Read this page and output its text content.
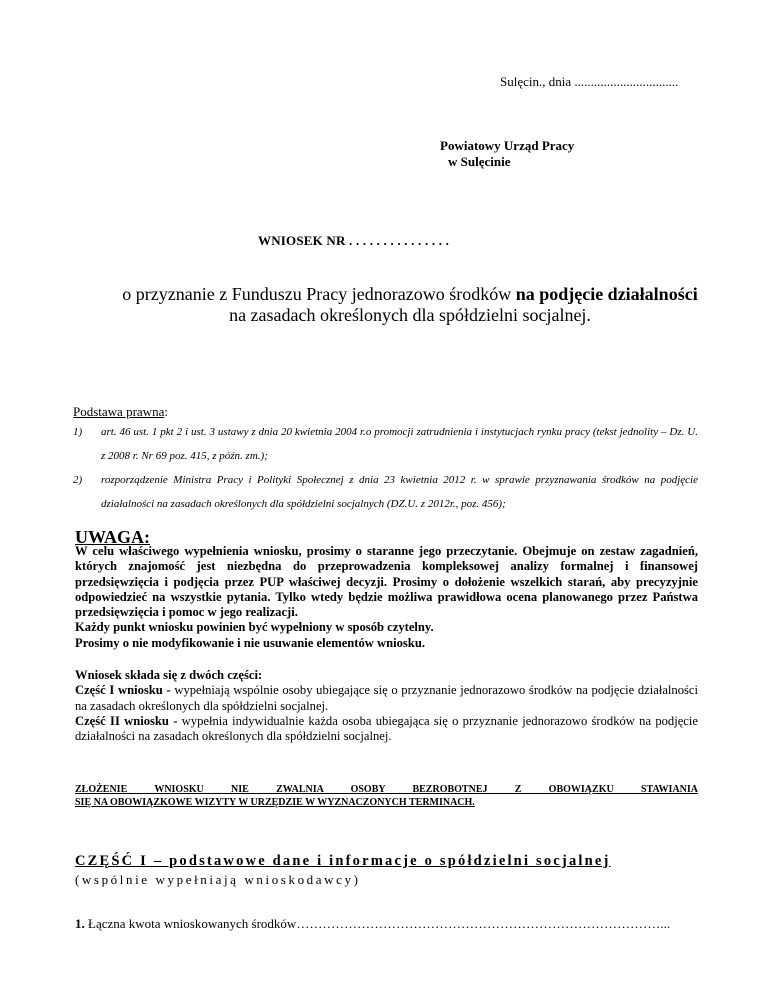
Sulęcin., dnia ................................
Powiatowy Urząd Pracy
w Sulęcinie
WNIOSEK NR . . . . . . . . . . . . . . .
o przyznanie z Funduszu Pracy jednorazowo środków na podjęcie działalności
na zasadach określonych dla spółdzielni socjalnej.
Podstawa prawna:
1) art. 46 ust. 1 pkt 2 i ust. 3 ustawy z dnia 20 kwietnia 2004 r.o promocji zatrudnienia i instytucjach rynku pracy (tekst jednolity – Dz. U. z 2008 r. Nr 69 poz. 415, z późn. zm.);
2) rozporządzenie Ministra Pracy i Polityki Społecznej z dnia 23 kwietnia 2012 r. w sprawie przyznawania środków na podjęcie działalności na zasadach określonych dla spółdzielni socjalnych (DZ.U. z 2012r., poz. 456);
UWAGA:
W celu właściwego wypełnienia wniosku, prosimy o staranne jego przeczytanie. Obejmuje on zestaw zagadnień, których znajomość jest niezbędna do przeprowadzenia kompleksowej analizy formalnej i finansowej przedsięwzięcia i podjęcia przez PUP właściwej decyzji. Prosimy o dołożenie wszelkich starań, aby precyzyjnie odpowiedzieć na wszystkie pytania. Tylko wtedy będzie możliwa prawidłowa ocena planowanego przez Państwa przedsięwzięcia i pomoc w jego realizacji.
Każdy punkt wniosku powinien być wypełniony w sposób czytelny.
Prosimy o nie modyfikowanie i nie usuwanie elementów wniosku.
Wniosek składa się z dwóch części:
Część I wniosku - wypełniają wspólnie osoby ubiegające się o przyznanie jednorazowo środków na podjęcie działalności na zasadach określonych dla spółdzielni socjalnej.
Część II wniosku - wypełnia indywidualnie każda osoba ubiegająca się o przyznanie jednorazowo środków na podjęcie działalności na zasadach określonych dla spółdzielni socjalnej.
ZŁOŻENIE WNIOSKU NIE ZWALNIA OSOBY BEZROBOTNEJ Z OBOWIĄZKU STAWIANIA
SIĘ NA OBOWIĄZKOWE WIZYTY W URZĘDZIE W WYZNACZONYCH TERMINACH.
CZĘŚĆ I – podstawowe dane i informacje o spółdzielni socjalnej
(wspólnie wypełniają wnioskodawcy)
1. Łączna kwota wnioskowanych środków…………………………………………………………………………...
